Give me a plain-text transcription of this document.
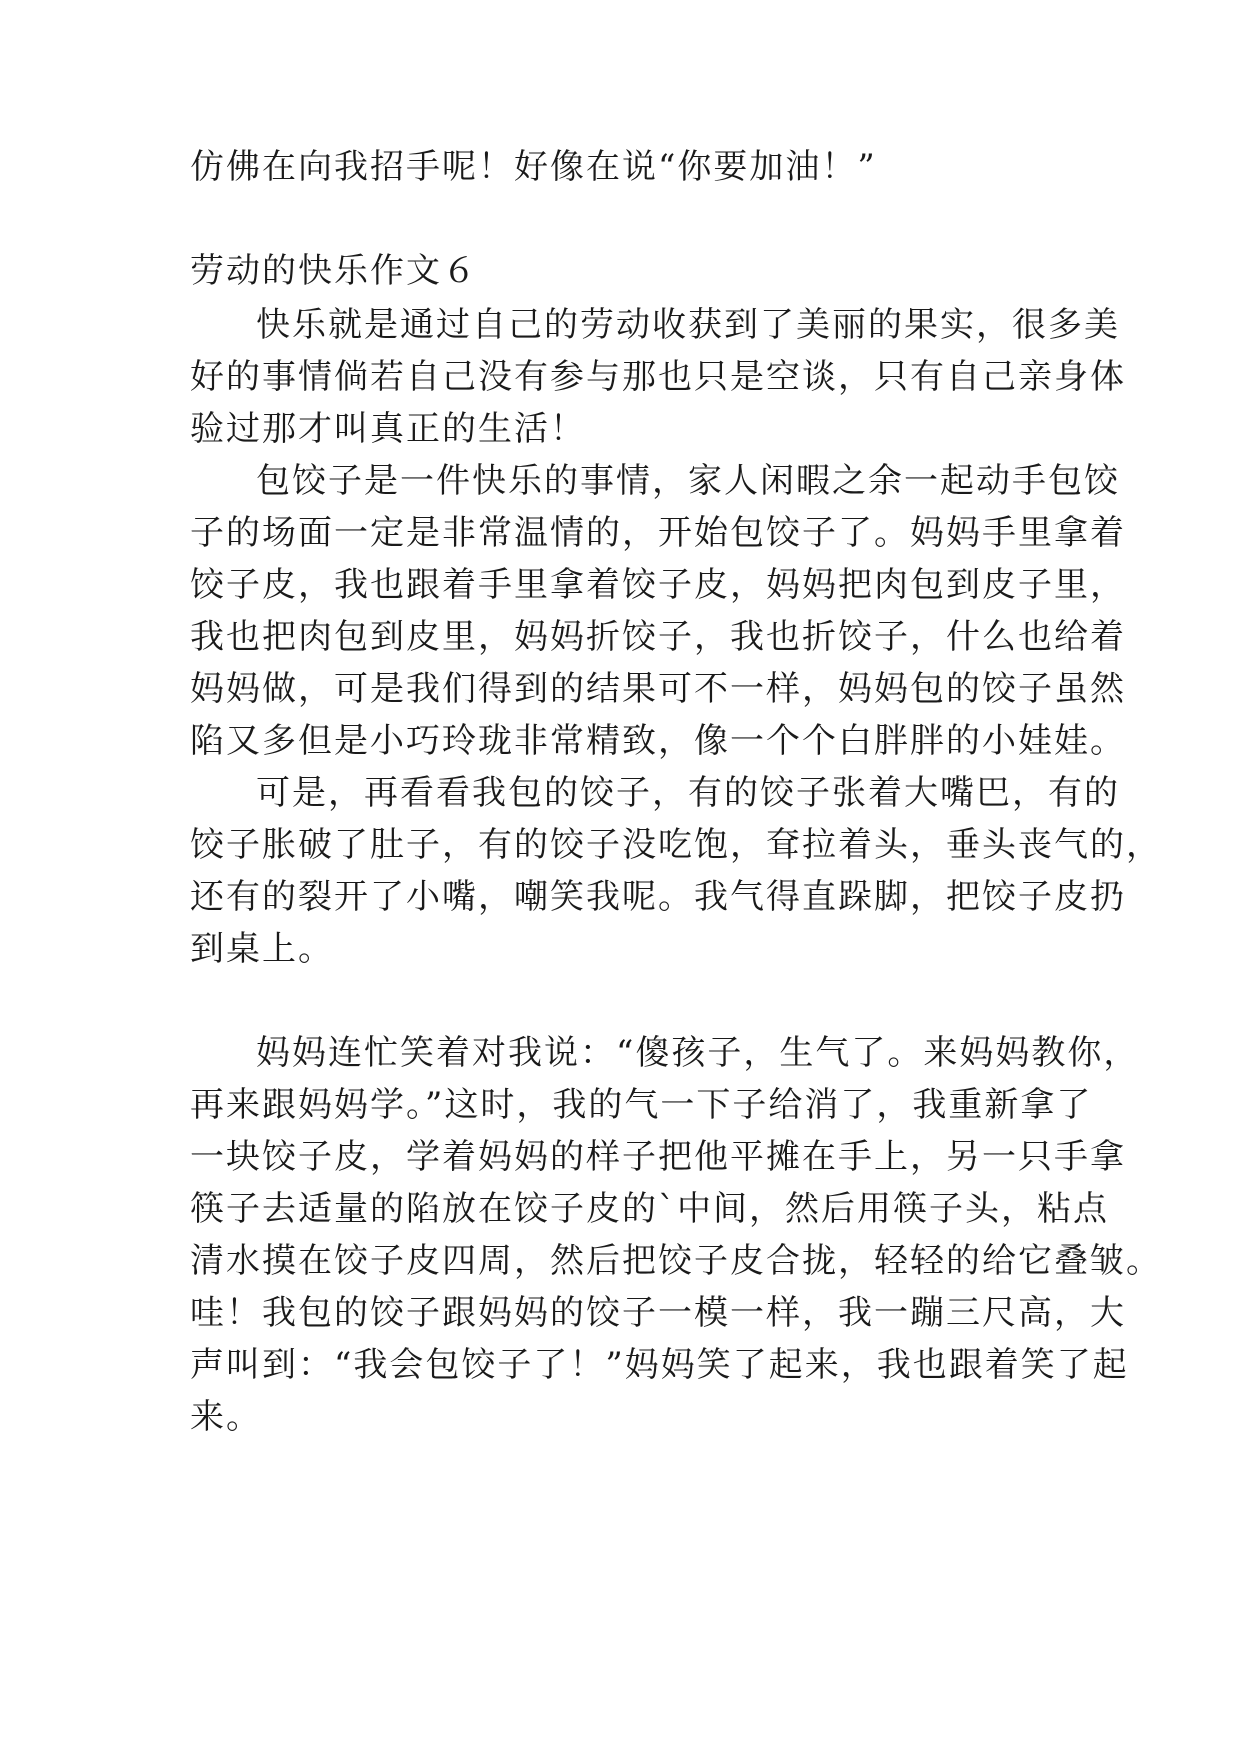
仿佛在向我招手呢！好像在说“你要加油！”
劳动的快乐作文６
快乐就是通过自己的劳动收获到了美丽的果实，很多美
好的事情倘若自己没有参与那也只是空谈，只有自己亲身体
验过那才叫真正的生活！
包饺子是一件快乐的事情，家人闲暇之余一起动手包饺
子的场面一定是非常温情的，开始包饺子了。妈妈手里拿着
饺子皮，我也跟着手里拿着饺子皮，妈妈把肉包到皮子里，
我也把肉包到皮里，妈妈折饺子，我也折饺子，什么也给着
妈妈做，可是我们得到的结果可不一样，妈妈包的饺子虽然
陷又多但是小巧玲珑非常精致，像一个个白胖胖的小娃娃。
可是，再看看我包的饺子，有的饺子张着大嘴巴，有的
饺子胀破了肚子，有的饺子没吃饱，耷拉着头，垂头丧气的，
还有的裂开了小嘴，嘲笑我呢。我气得直跺脚，把饺子皮扔
到桌上。
妈妈连忙笑着对我说：“傻孩子，生气了。来妈妈教你，
再来跟妈妈学。”这时，我的气一下子给消了，我重新拿了
一块饺子皮，学着妈妈的样子把他平摊在手上，另一只手拿
筷子去适量的陷放在饺子皮的`中间，然后用筷子头，粘点
清水摸在饺子皮四周，然后把饺子皮合拢，轻轻的给它叠皱。
哇！我包的饺子跟妈妈的饺子一模一样，我一蹦三尺高，大
声叫到：“我会包饺子了！”妈妈笑了起来，我也跟着笑了起
来。
